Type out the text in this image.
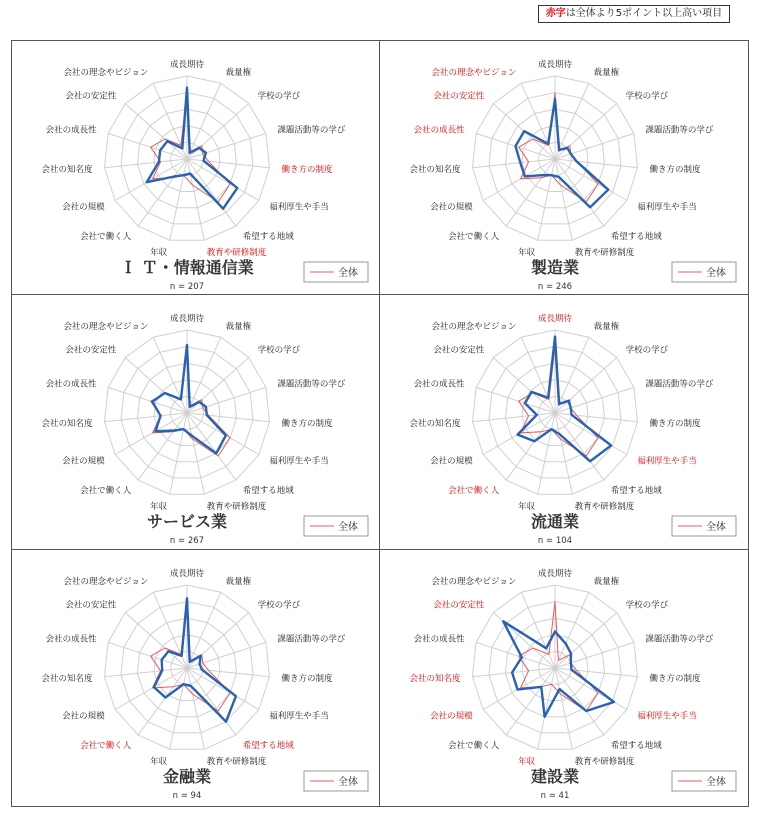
赤字は全体より5ポイント以上高い項目
成長期待
裁量権
学校の学び
課題活動等の学び
働き方の制度
福利厚生や手当
希望する地域
教育や研修制度
年収
会社で働く人
会社の規模
会社の知名度
会社の成長性
会社の安定性
会社の理念やビジョン
Ｉ Ｔ・情報通信業
n = 207
全体
成長期待
裁量権
学校の学び
課題活動等の学び
働き方の制度
福利厚生や手当
希望する地域
教育や研修制度
年収
会社で働く人
会社の規模
会社の知名度
会社の成長性
会社の安定性
会社の理念やビジョン
製造業
n = 246
全体
成長期待
裁量権
学校の学び
課題活動等の学び
働き方の制度
福利厚生や手当
希望する地域
教育や研修制度
年収
会社で働く人
会社の規模
会社の知名度
会社の成長性
会社の安定性
会社の理念やビジョン
サービス業
n = 267
全体
成長期待
裁量権
学校の学び
課題活動等の学び
働き方の制度
福利厚生や手当
希望する地域
教育や研修制度
年収
会社で働く人
会社の規模
会社の知名度
会社の成長性
会社の安定性
会社の理念やビジョン
流通業
n = 104
全体
成長期待
裁量権
学校の学び
課題活動等の学び
働き方の制度
福利厚生や手当
希望する地域
教育や研修制度
年収
会社で働く人
会社の規模
会社の知名度
会社の成長性
会社の安定性
会社の理念やビジョン
金融業
n = 94
全体
成長期待
裁量権
学校の学び
課題活動等の学び
働き方の制度
福利厚生や手当
希望する地域
教育や研修制度
年収
会社で働く人
会社の規模
会社の知名度
会社の成長性
会社の安定性
会社の理念やビジョン
建設業
n = 41
全体
